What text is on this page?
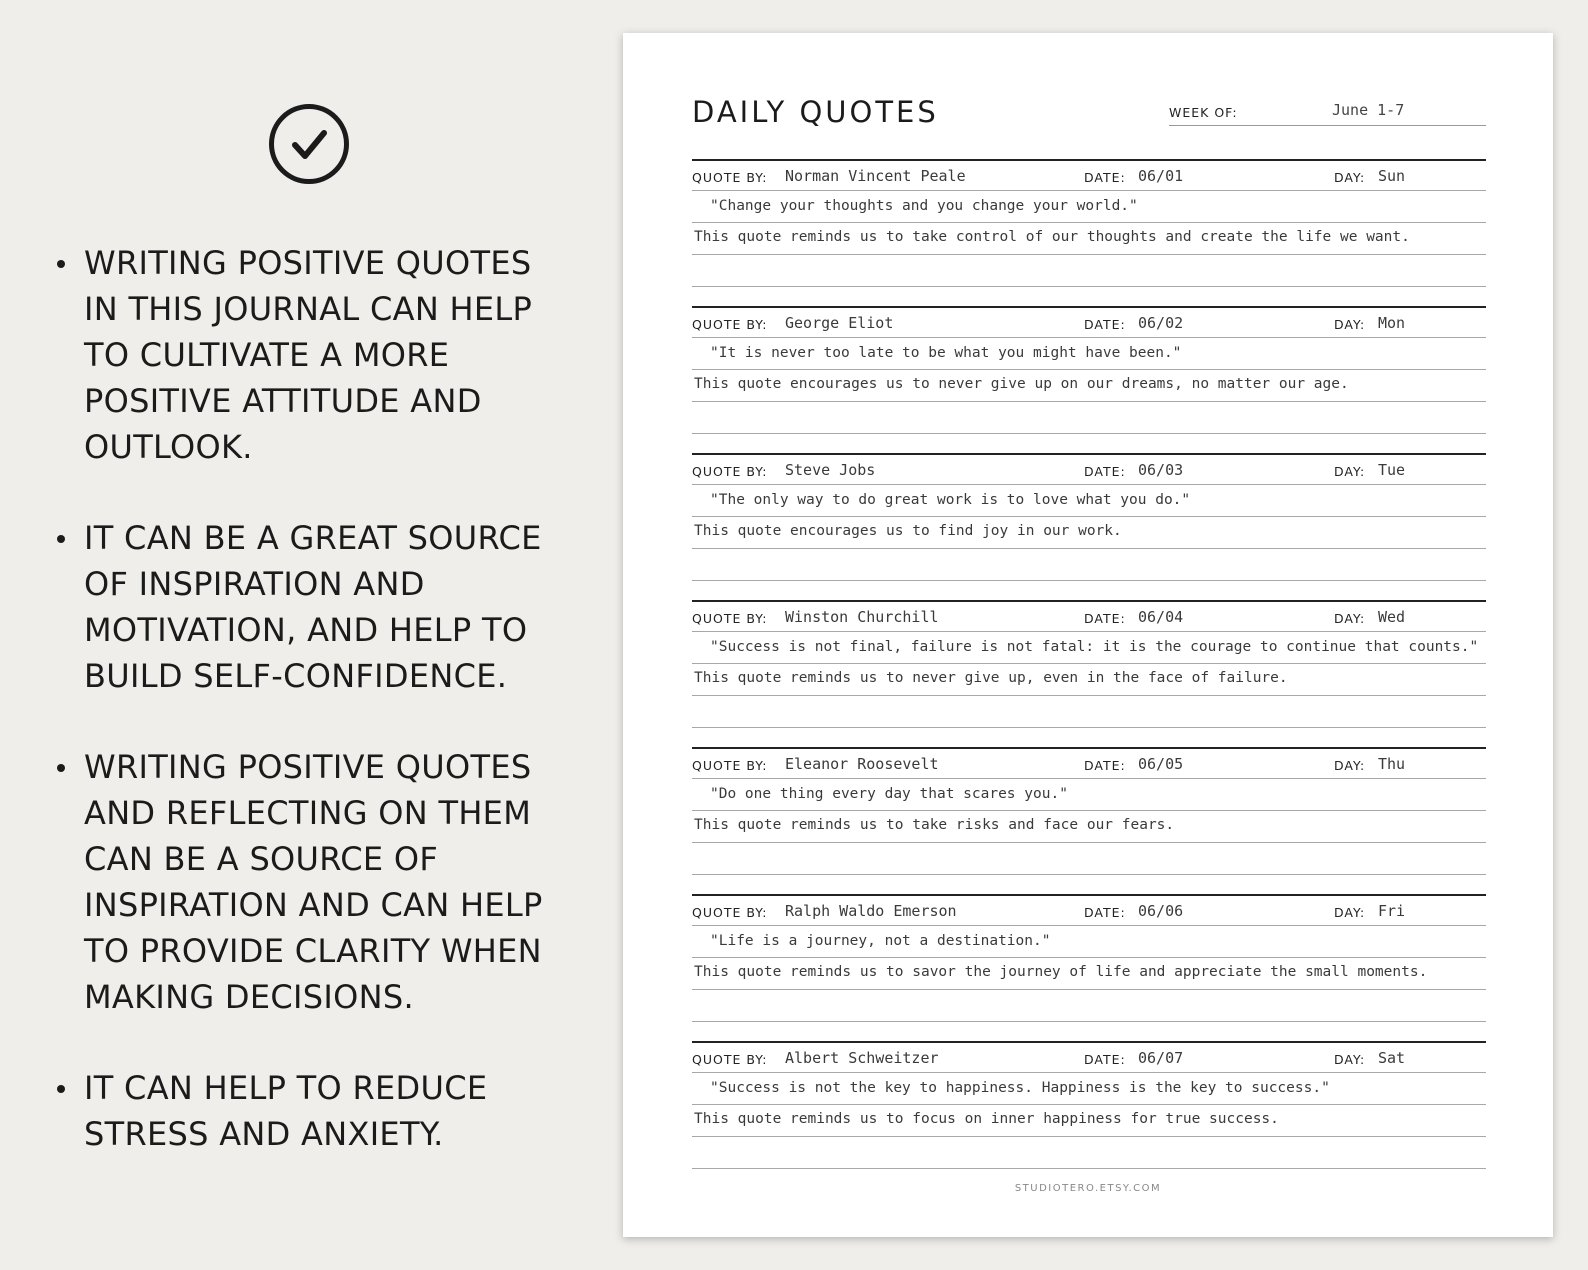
WRITING POSITIVE QUOTES
IN THIS JOURNAL CAN HELP
TO CULTIVATE A MORE
POSITIVE ATTITUDE AND
OUTLOOK.
IT CAN BE A GREAT SOURCE
OF INSPIRATION AND
MOTIVATION, AND HELP TO
BUILD SELF-CONFIDENCE.
WRITING POSITIVE QUOTES
AND REFLECTING ON THEM
CAN BE A SOURCE OF
INSPIRATION AND CAN HELP
TO PROVIDE CLARITY WHEN
MAKING DECISIONS.
IT CAN HELP TO REDUCE
STRESS AND ANXIETY.
DAILY QUOTES	WEEK OF:	June 1-7
QUOTE BY: Norman Vincent Peale	DATE: 06/01	DAY: Sun
"Change your thoughts and you change your world."
This quote reminds us to take control of our thoughts and create the life we want.
QUOTE BY: George Eliot	DATE: 06/02	DAY: Mon
"It is never too late to be what you might have been."
This quote encourages us to never give up on our dreams, no matter our age.
QUOTE BY: Steve Jobs	DATE: 06/03	DAY: Tue
"The only way to do great work is to love what you do."
This quote encourages us to find joy in our work.
QUOTE BY: Winston Churchill	DATE: 06/04	DAY: Wed
"Success is not final, failure is not fatal: it is the courage to continue that counts."
This quote reminds us to never give up, even in the face of failure.
QUOTE BY: Eleanor Roosevelt	DATE: 06/05	DAY: Thu
"Do one thing every day that scares you."
This quote reminds us to take risks and face our fears.
QUOTE BY: Ralph Waldo Emerson	DATE: 06/06	DAY: Fri
"Life is a journey, not a destination."
This quote reminds us to savor the journey of life and appreciate the small moments.
QUOTE BY: Albert Schweitzer	DATE: 06/07	DAY: Sat
"Success is not the key to happiness. Happiness is the key to success."
This quote reminds us to focus on inner happiness for true success.
STUDIOTERO.ETSY.COM
